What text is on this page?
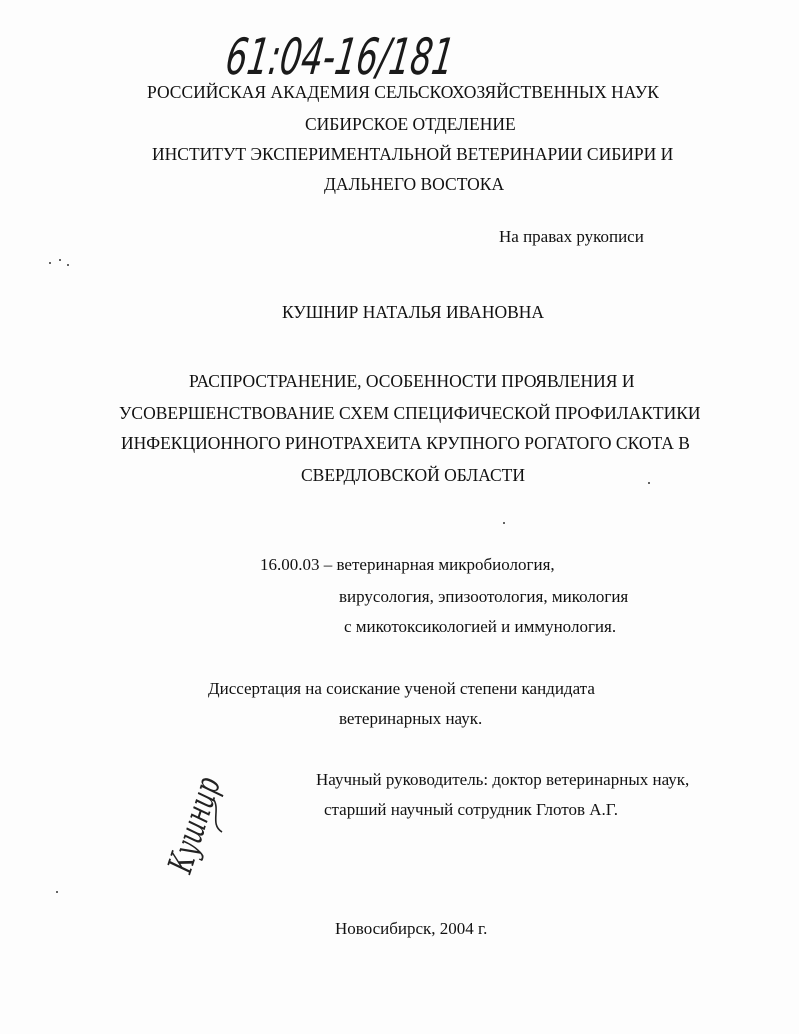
61:04-16/181
РОССИЙСКАЯ АКАДЕМИЯ СЕЛЬСКОХОЗЯЙСТВЕННЫХ НАУК
СИБИРСКОЕ ОТДЕЛЕНИЕ
ИНСТИТУТ ЭКСПЕРИМЕНТАЛЬНОЙ ВЕТЕРИНАРИИ СИБИРИ И
ДАЛЬНЕГО ВОСТОКА
На правах рукописи
КУШНИР НАТАЛЬЯ ИВАНОВНА
РАСПРОСТРАНЕНИЕ, ОСОБЕННОСТИ ПРОЯВЛЕНИЯ И
УСОВЕРШЕНСТВОВАНИЕ СХЕМ СПЕЦИФИЧЕСКОЙ ПРОФИЛАКТИКИ
ИНФЕКЦИОННОГО РИНОТРАХЕИТА КРУПНОГО РОГАТОГО СКОТА В
СВЕРДЛОВСКОЙ ОБЛАСТИ
16.00.03 – ветеринарная микробиология,
вирусология, эпизоотология, микология
с микотоксикологией и иммунология.
Диссертация на соискание ученой степени кандидата
ветеринарных наук.
Научный руководитель: доктор ветеринарных наук,
старший научный сотрудник Глотов А.Г.
Кушнир
Новосибирск, 2004 г.
